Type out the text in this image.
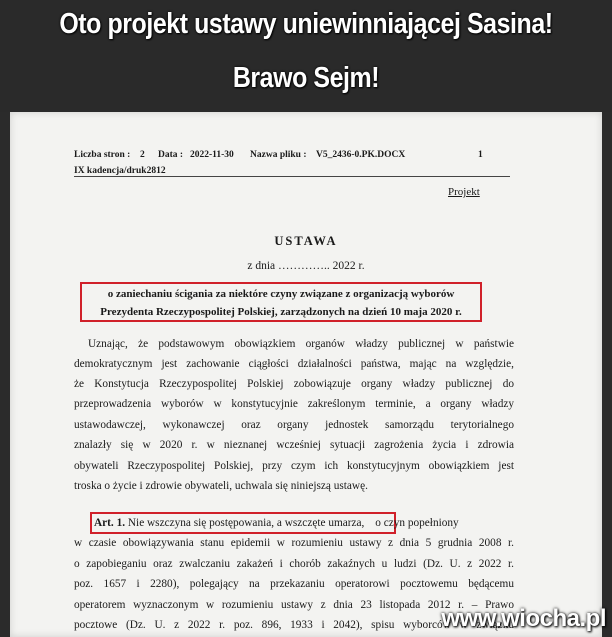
Oto projekt ustawy uniewinniającej Sasina!
Brawo Sejm!
Liczba stron : 2 Data : 2022-11-30 Nazwa pliku : V5_2436-0.PK.DOCX	1
IX kadencja/druk2812
Projekt
USTAWA
z dnia ………….. 2022 r.
o zaniechaniu ścigania za niektóre czyny związane z organizacją wyborów
Prezydenta Rzeczypospolitej Polskiej, zarządzonych na dzień 10 maja 2020 r.
Uznając, że podstawowym obowiązkiem organów władzy publicznej w państwie
demokratycznym jest zachowanie ciągłości działalności państwa, mając na względzie,
że Konstytucja Rzeczypospolitej Polskiej zobowiązuje organy władzy publicznej do
przeprowadzenia wyborów w konstytucyjnie zakreślonym terminie, a organy władzy
ustawodawczej, wykonawczej oraz organy jednostek samorządu terytorialnego
znalazły się w 2020 r. w nieznanej wcześniej sytuacji zagrożenia życia i zdrowia
obywateli Rzeczypospolitej Polskiej, przy czym ich konstytucyjnym obowiązkiem jest
troska o życie i zdrowie obywateli, uchwala się niniejszą ustawę.
Art. 1. Nie wszczyna się postępowania, a wszczęte umarza, o czyn popełniony
w czasie obowiązywania stanu epidemii w rozumieniu ustawy z dnia 5 grudnia 2008 r.
o zapobieganiu oraz zwalczaniu zakażeń i chorób zakaźnych u ludzi (Dz. U. z 2022 r.
poz. 1657 i 2280), polegający na przekazaniu operatorowi pocztowemu będącemu
operatorem wyznaczonym w rozumieniu ustawy z dnia 23 listopada 2012 r. – Prawo
pocztowe (Dz. U. z 2022 r. poz. 896, 1933 i 2042), spisu wyborców w związku
www.wiocha.pl
